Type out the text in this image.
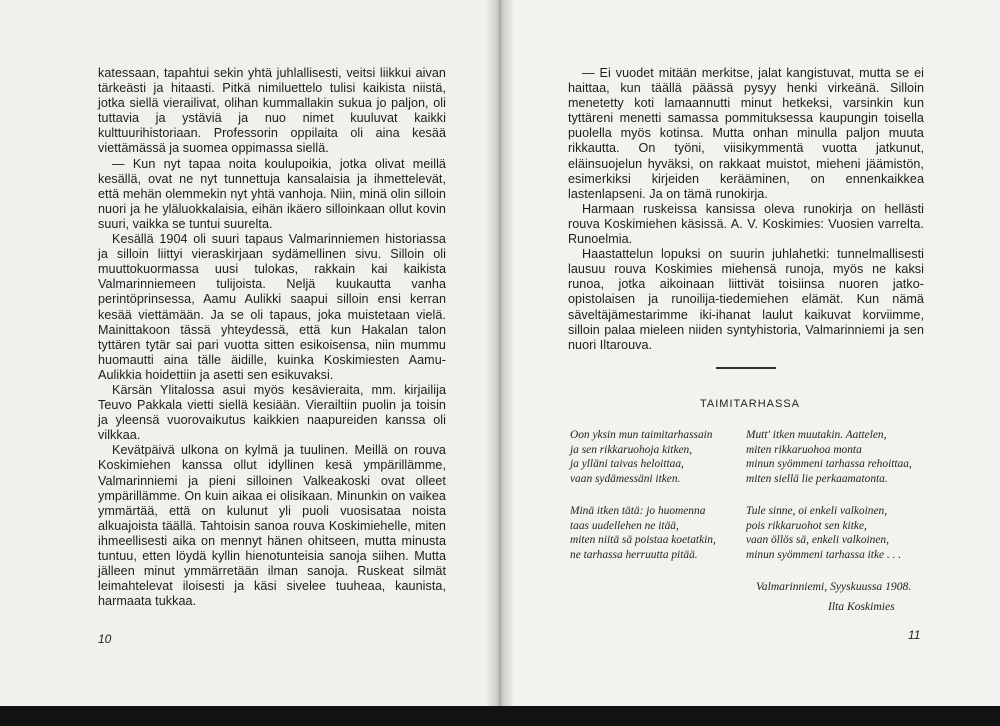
katessaan, tapahtui sekin yhtä juhlallisesti, veitsi liikkui aivan tärkeästi ja hitaasti. Pitkä nimiluettelo tulisi kaikista niistä, jotka siellä vierailivat, olihan kummallakin sukua jo paljon, oli tuttavia ja ystäviä ja nuo nimet kuuluvat kaikki kulttuurihistoriaan. Professorin oppilaita oli aina kesää viettämässä ja suomea oppimassa siellä.

— Kun nyt tapaa noita koulupoikia, jotka olivat meillä kesällä, ovat ne nyt tunnettuja kansalaisia ja ihmettelevät, että mehän olemmekin nyt yhtä vanhoja. Niin, minä olin silloin nuori ja he yläluokkalaisia, eihän ikäero silloinkaan ollut kovin suuri, vaikka se tuntui suurelta.

Kesällä 1904 oli suuri tapaus Valmarinniemen historiassa ja silloin liittyi vieraskirjaan sydämellinen sivu. Silloin oli muuttokuormassa uusi tulokas, rakkain kai kaikista Valmarinniemeen tulijoista. Neljä kuukautta vanha perintöprinsessa, Aamu Aulikki saapui silloin ensi kerran kesää viettämään. Ja se oli tapaus, joka muistetaan vielä. Mainittakoon tässä yhteydessä, että kun Hakalan talon tyttären tytär sai pari vuotta sitten esikoisensa, niin mummu huomautti aina tälle äidille, kuinka Koskimiesten Aamu-Aulikkia hoidettiin ja asetti sen esikuvaksi.

Kärsän Ylitalossa asui myös kesävieraita, mm. kirjailija Teuvo Pakkala vietti siellä kesiään. Vierailtiin puolin ja toisin ja yleensä vuorovaikutus kaikkien naapureiden kanssa oli vilkkaa.

Kevätpäivä ulkona on kylmä ja tuulinen. Meillä on rouva Koskimiehen kanssa ollut idyllinen kesä ympärillämme, Valmarinniemi ja pieni silloinen Valkeakoski ovat olleet ympärillämme. On kuin aikaa ei olisikaan. Minunkin on vaikea ymmärtää, että on kulunut yli puoli vuosisataa noista alkuajoista täällä. Tahtoisin sanoa rouva Koskimiehelle, miten ihmeellisesti aika on mennyt hänen ohitseen, mutta minusta tuntuu, etten löydä kyllin hienotunteisia sanoja siihen. Mutta jälleen minut ymmärretään ilman sanoja. Ruskeat silmät leimahtelevat iloisesti ja käsi sivelee tuuheaa, kaunista, harmaata tukkaa.

10

— Ei vuodet mitään merkitse, jalat kangistuvat, mutta se ei haittaa, kun täällä päässä pysyy henki virkeänä. Silloin menetetty koti lamaannutti minut hetkeksi, varsinkin kun tyttäreni menetti samassa pommituksessa kaupungin toisella puolella myös kotinsa. Mutta onhan minulla paljon muuta rikkautta. On työni, viisikymmentä vuotta jatkunut, eläinsuojelun hyväksi, on rakkaat muistot, mieheni jäämistön, esimerkiksi kirjeiden kerääminen, on ennenkaikkea lastenlapseni. Ja on tämä runokirja.

Harmaan ruskeissa kansissa oleva runokirja on hellästi rouva Koskimiehen käsissä. A. V. Koskimies: Vuosien varrelta. Runoelmia.

Haastattelun lopuksi on suurin juhlahetki: tunnelmallisesti lausuu rouva Koskimies miehensä runoja, myös ne kaksi runoa, jotka aikoinaan liittivät toisiinsa nuoren jatko-opistolaisen ja runoilija-tiedemiehen elämät. Kun nämä säveltäjämestarimme iki-ihanat laulut kaikuvat korviimme, silloin palaa mieleen niiden syntyhistoria, Valmarinniemi ja sen nuori Iltarouva.

TAIMITARHASSA
Oon yksin mun taimitarhassain
ja sen rikkaruohoja kitken,
ja ylläni taivas heloittaa,
vaan sydämessäni itken.
Mutt' itken muutakin. Aattelen,
miten rikkaruohoa monta
minun syömmeni tarhassa rehoittaa,
miten siellä lie perkaamatonta.
Minä itken tätä: jo huomenna
taas uudellehen ne itää,
miten niitä sä poistaa koetatkin,
ne tarhassa herruutta pitää.
Tule sinne, oi enkeli valkoinen,
pois rikkaruohot sen kitke,
vaan öllös sä, enkeli valkoinen,
minun syömmeni tarhassa itke . . .
Valmarinniemi, Syyskuussa 1908.
Ilta Koskimies
11
